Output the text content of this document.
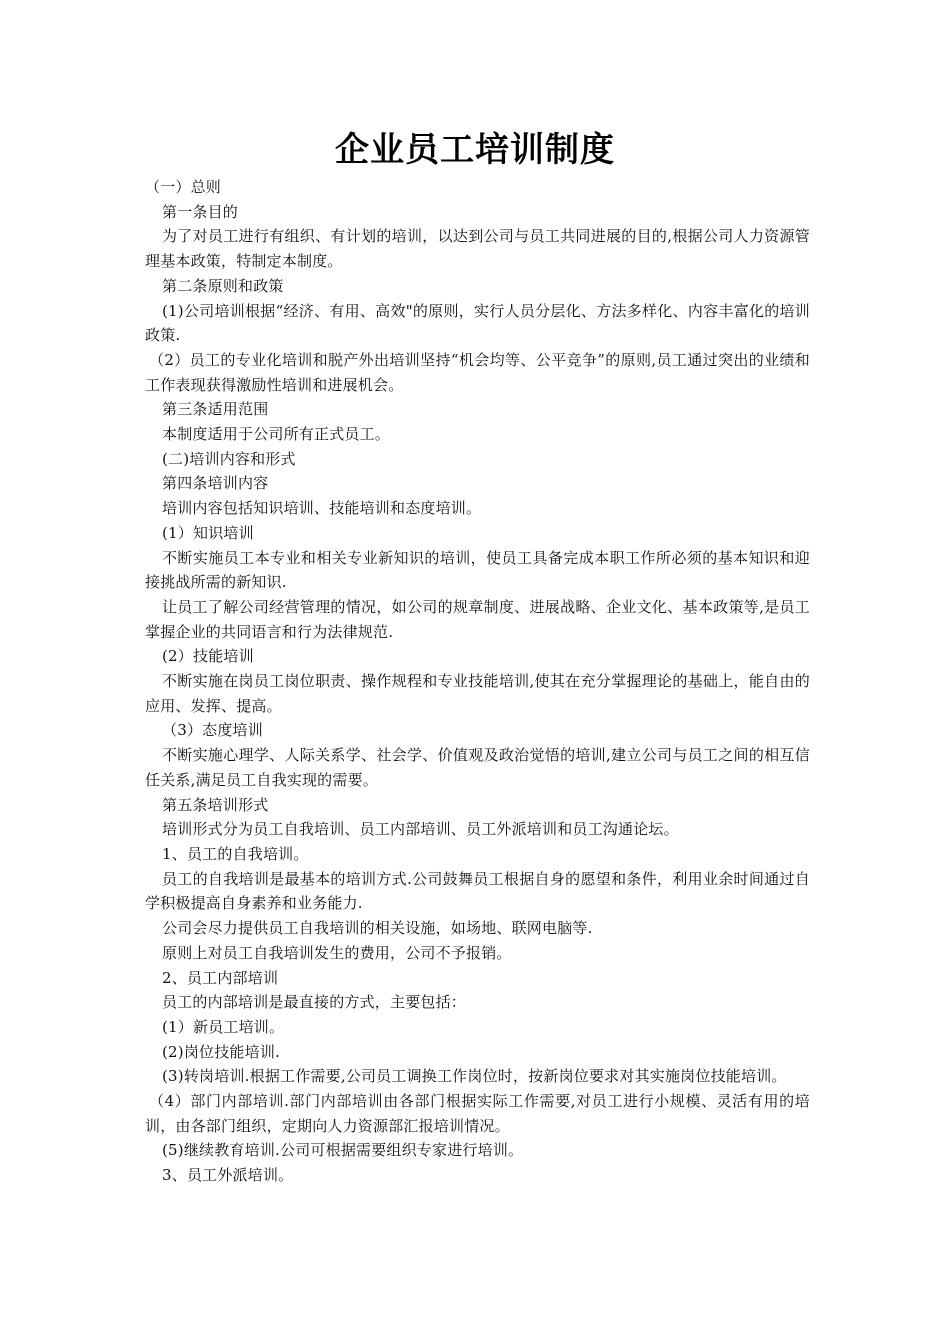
企业员工培训制度

（一）总则

第一条目的

为了对员工进行有组织、有计划的培训，以达到公司与员工共同进展的目的,根据公司人力资源管理基本政策，特制定本制度。

第二条原则和政策

(1)公司培训根据“经济、有用、高效"的原则，实行人员分层化、方法多样化、内容丰富化的培训政策.

（2）员工的专业化培训和脱产外出培训坚持“机会均等、公平竞争”的原则,员工通过突出的业绩和工作表现获得激励性培训和进展机会。

第三条适用范围

本制度适用于公司所有正式员工。

(二)培训内容和形式

第四条培训内容

培训内容包括知识培训、技能培训和态度培训。

(1）知识培训

不断实施员工本专业和相关专业新知识的培训，使员工具备完成本职工作所必须的基本知识和迎接挑战所需的新知识.

让员工了解公司经营管理的情况，如公司的规章制度、进展战略、企业文化、基本政策等,是员工掌握企业的共同语言和行为法律规范.

(2）技能培训

不断实施在岗员工岗位职责、操作规程和专业技能培训,使其在充分掌握理论的基础上，能自由的应用、发挥、提高。

（3）态度培训

不断实施心理学、人际关系学、社会学、价值观及政治觉悟的培训,建立公司与员工之间的相互信任关系,满足员工自我实现的需要。

第五条培训形式

培训形式分为员工自我培训、员工内部培训、员工外派培训和员工沟通论坛。

1、员工的自我培训。

员工的自我培训是最基本的培训方式.公司鼓舞员工根据自身的愿望和条件，利用业余时间通过自学积极提高自身素养和业务能力.

公司会尽力提供员工自我培训的相关设施，如场地、联网电脑等.

原则上对员工自我培训发生的费用，公司不予报销。

2、员工内部培训

员工的内部培训是最直接的方式，主要包括：

(1）新员工培训。

(2)岗位技能培训.

(3)转岗培训.根据工作需要,公司员工调换工作岗位时，按新岗位要求对其实施岗位技能培训。

（4）部门内部培训.部门内部培训由各部门根据实际工作需要,对员工进行小规模、灵活有用的培训，由各部门组织，定期向人力资源部汇报培训情况。

(5)继续教育培训.公司可根据需要组织专家进行培训。

3、员工外派培训。
